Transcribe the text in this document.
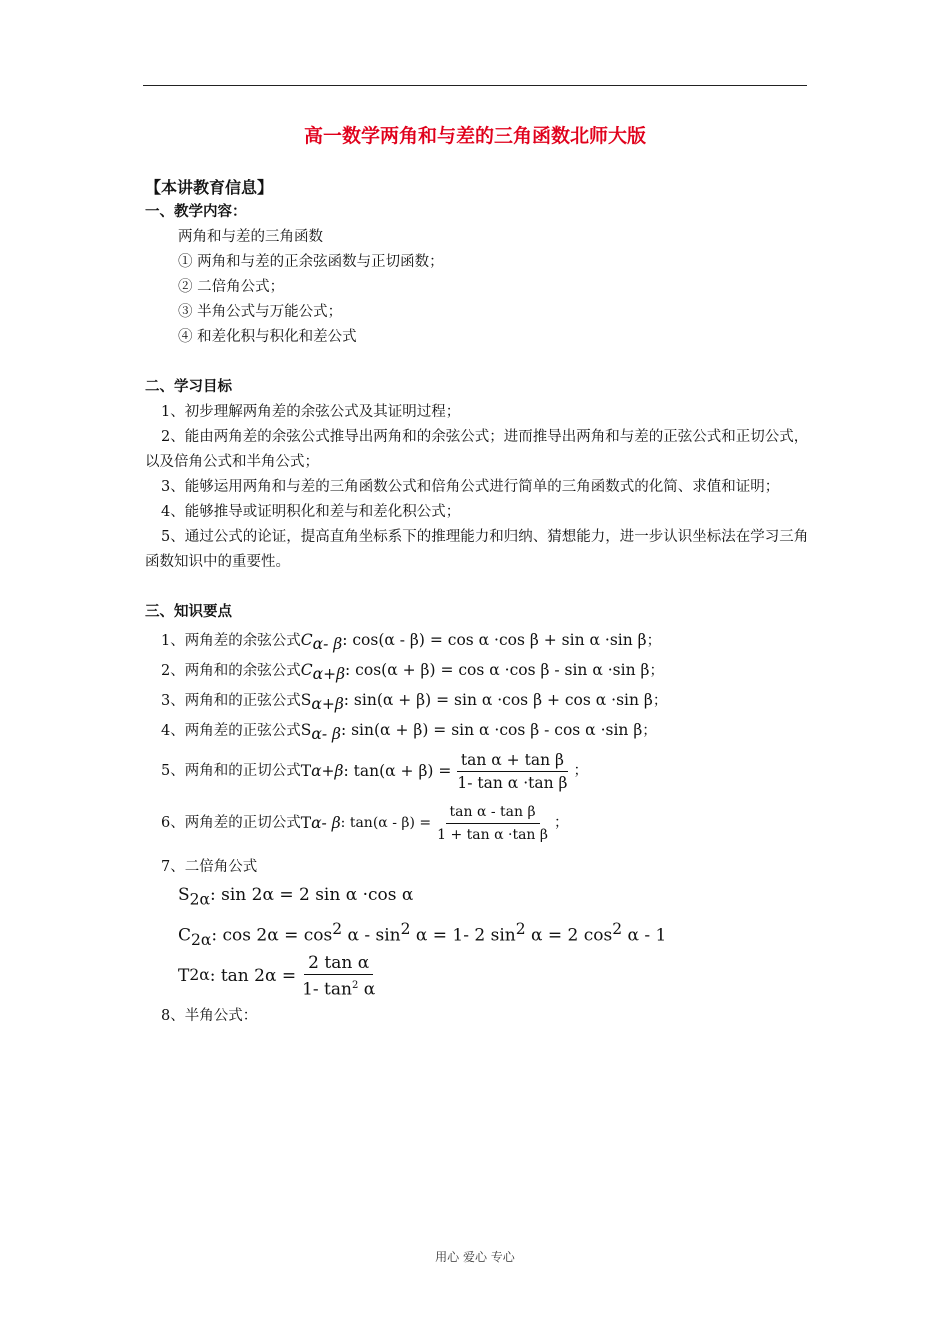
高一数学两角和与差的三角函数北师大版
【本讲教育信息】
一、教学内容：
两角和与差的三角函数
① 两角和与差的正余弦函数与正切函数；
② 二倍角公式；
③ 半角公式与万能公式；
④ 和差化积与积化和差公式
二、学习目标
1、初步理解两角差的余弦公式及其证明过程；
2、能由两角差的余弦公式推导出两角和的余弦公式；进而推导出两角和与差的正弦公式和正切公式，以及倍角公式和半角公式；
3、能够运用两角和与差的三角函数公式和倍角公式进行简单的三角函数式的化简、求值和证明；
4、能够推导或证明积化和差与和差化积公式；
5、通过公式的论证，提高直角坐标系下的推理能力和归纳、猜想能力，进一步认识坐标法在学习三角函数知识中的重要性。
三、知识要点
1、两角差的余弦公式$C_{\alpha- \beta}$: cos(α - β) = cos α ·cos β + sin α ·sin β；
2、两角和的余弦公式$C_{\alpha+\beta}$: cos(α + β) = cos α ·cos β - sin α ·sin β；
3、两角和的正弦公式$S_{\alpha+\beta}$: sin(α + β) = sin α ·cos β + cos α ·sin β；
4、两角差的正弦公式$S_{\alpha- \beta}$: sin(α + β) = sin α ·cos β - cos α ·sin β；
5、两角和的正切公式 T α+β : $\tan(\alpha + \beta) = \frac{\text{tan α + tan β}}{\text{1- tan α ·tan β}}$ ；
6、两角差的正切公式 T α- β : $\tan(\alpha - \beta) = \frac{\text{tan α - tan β}}{\text{1 + tan α ·tan β}}$ ；
7、二倍角公式
$S_{2\alpha}$: sin 2α = 2 sin α ·cos α
$C_{2\alpha}$: $\cos 2\alpha = \cos^2 \alpha - \sin^2 \alpha = 1-$ 2 $\sin^2 \alpha = 2$ $\cos^2 \alpha - 1$
T 2α : $\tan 2\alpha = \frac{\text{2 tan α}}{1- \tan^2 \alpha}$
8、半角公式：
用心 爱心 专心
